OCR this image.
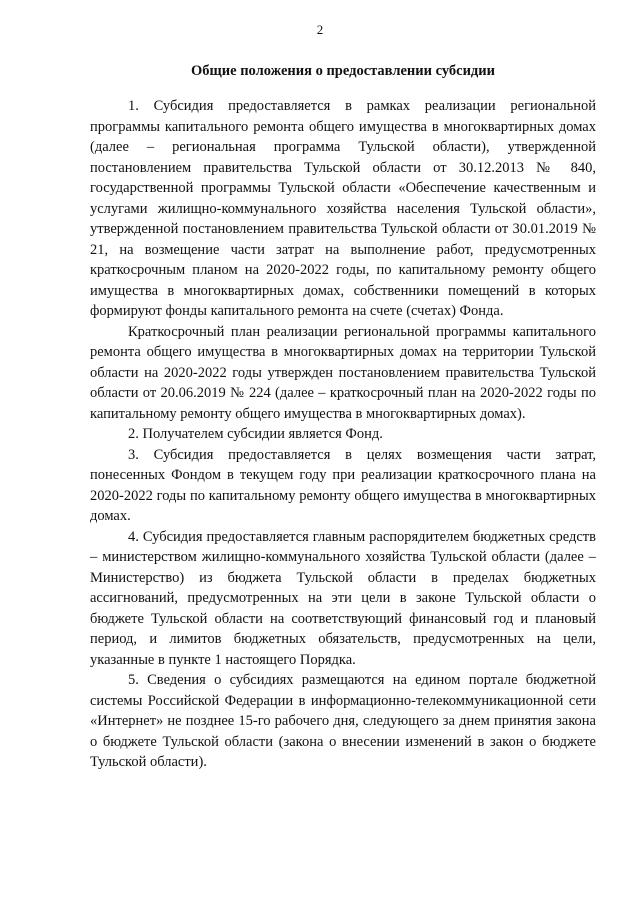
2
Общие положения о предоставлении субсидии

1. Субсидия предоставляется в рамках реализации региональной программы капитального ремонта общего имущества в многоквартирных домах (далее – региональная программа Тульской области), утвержденной постановлением правительства Тульской области от 30.12.2013 № 840, государственной программы Тульской области «Обеспечение качественным и услугами жилищно-коммунального хозяйства населения Тульской области», утвержденной постановлением правительства Тульской области от 30.01.2019 № 21, на возмещение части затрат на выполнение работ, предусмотренных краткосрочным планом на 2020-2022 годы, по капитальному ремонту общего имущества в многоквартирных домах, собственники помещений в которых формируют фонды капитального ремонта на счете (счетах) Фонда.

Краткосрочный план реализации региональной программы капитального ремонта общего имущества в многоквартирных домах на территории Тульской области на 2020-2022 годы утвержден постановлением правительства Тульской области от 20.06.2019 № 224 (далее – краткосрочный план на 2020-2022 годы по капитальному ремонту общего имущества в многоквартирных домах).

2. Получателем субсидии является Фонд.

3. Субсидия предоставляется в целях возмещения части затрат, понесенных Фондом в текущем году при реализации краткосрочного плана на 2020-2022 годы по капитальному ремонту общего имущества в многоквартирных домах.

4. Субсидия предоставляется главным распорядителем бюджетных средств – министерством жилищно-коммунального хозяйства Тульской области (далее – Министерство) из бюджета Тульской области в пределах бюджетных ассигнований, предусмотренных на эти цели в законе Тульской области о бюджете Тульской области на соответствующий финансовый год и плановый период, и лимитов бюджетных обязательств, предусмотренных на цели, указанные в пункте 1 настоящего Порядка.

5. Сведения о субсидиях размещаются на едином портале бюджетной системы Российской Федерации в информационно-телекоммуникационной сети «Интернет» не позднее 15-го рабочего дня, следующего за днем принятия закона о бюджете Тульской области (закона о внесении изменений в закон о бюджете Тульской области).
